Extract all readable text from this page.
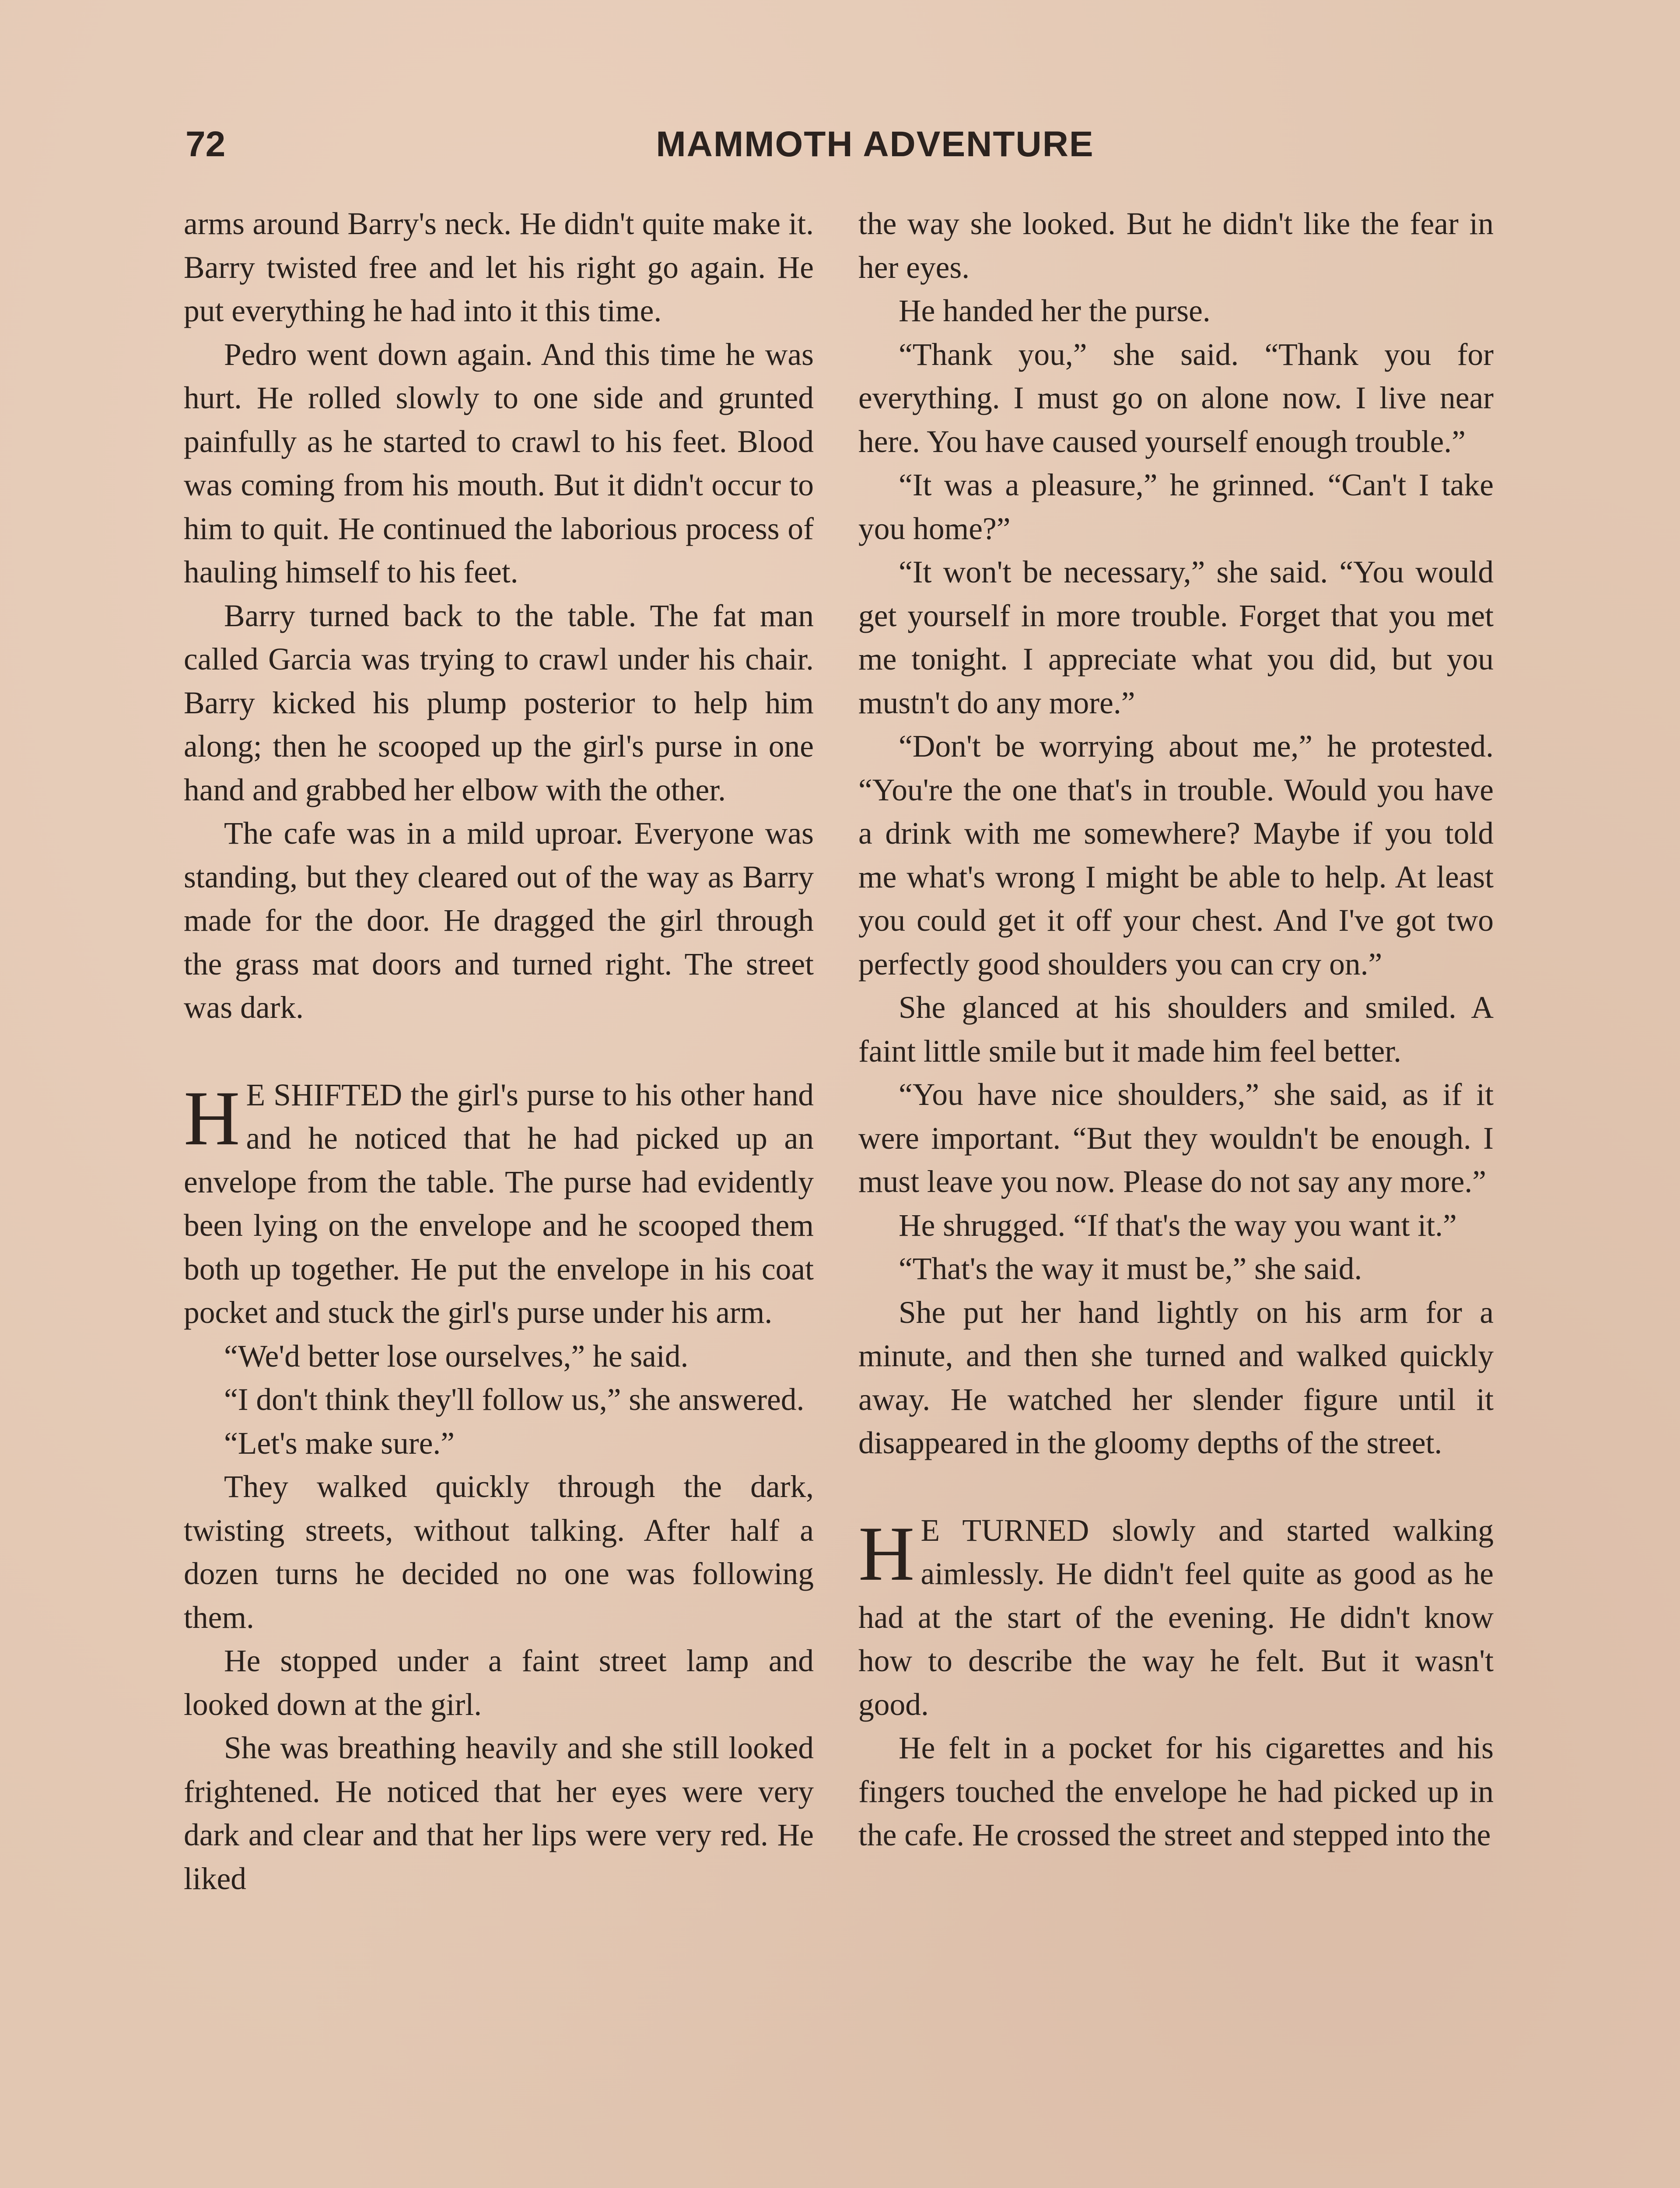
72	MAMMOTH ADVENTURE

arms around Barry's neck. He didn't quite make it. Barry twisted free and let his right go again. He put everything he had into it this time.

Pedro went down again. And this time he was hurt. He rolled slowly to one side and grunted painfully as he started to crawl to his feet. Blood was coming from his mouth. But it didn't occur to him to quit. He continued the laborious process of hauling himself to his feet.

Barry turned back to the table. The fat man called Garcia was trying to crawl under his chair. Barry kicked his plump posterior to help him along; then he scooped up the girl's purse in one hand and grabbed her elbow with the other.

The cafe was in a mild uproar. Everyone was standing, but they cleared out of the way as Barry made for the door. He dragged the girl through the grass mat doors and turned right. The street was dark.

H E SHIFTED the girl's purse to his other hand and he noticed that he had picked up an envelope from the table. The purse had evidently been lying on the envelope and he scooped them both up together. He put the envelope in his coat pocket and stuck the girl's purse under his arm.

“We'd better lose ourselves,” he said.

“I don't think they'll follow us,” she answered.

“Let's make sure.”

They walked quickly through the dark, twisting streets, without talking. After half a dozen turns he decided no one was following them.

He stopped under a faint street lamp and looked down at the girl.

She was breathing heavily and she still looked frightened. He noticed that her eyes were very dark and clear and that her lips were very red. He liked

the way she looked. But he didn't like the fear in her eyes.

He handed her the purse.

“Thank you,” she said. “Thank you for everything. I must go on alone now. I live near here. You have caused yourself enough trouble.”

“It was a pleasure,” he grinned. “Can't I take you home?”

“It won't be necessary,” she said. “You would get yourself in more trouble. Forget that you met me tonight. I appreciate what you did, but you mustn't do any more.”

“Don't be worrying about me,” he protested. “You're the one that's in trouble. Would you have a drink with me somewhere? Maybe if you told me what's wrong I might be able to help. At least you could get it off your chest. And I've got two perfectly good shoulders you can cry on.”

She glanced at his shoulders and smiled. A faint little smile but it made him feel better.

“You have nice shoulders,” she said, as if it were important. “But they wouldn't be enough. I must leave you now. Please do not say any more.”

He shrugged. “If that's the way you want it.”

“That's the way it must be,” she said.

She put her hand lightly on his arm for a minute, and then she turned and walked quickly away. He watched her slender figure until it disappeared in the gloomy depths of the street.

H E TURNED slowly and started walking aimlessly. He didn't feel quite as good as he had at the start of the evening. He didn't know how to describe the way he felt. But it wasn't good.

He felt in a pocket for his cigarettes and his fingers touched the envelope he had picked up in the cafe. He crossed the street and stepped into the
